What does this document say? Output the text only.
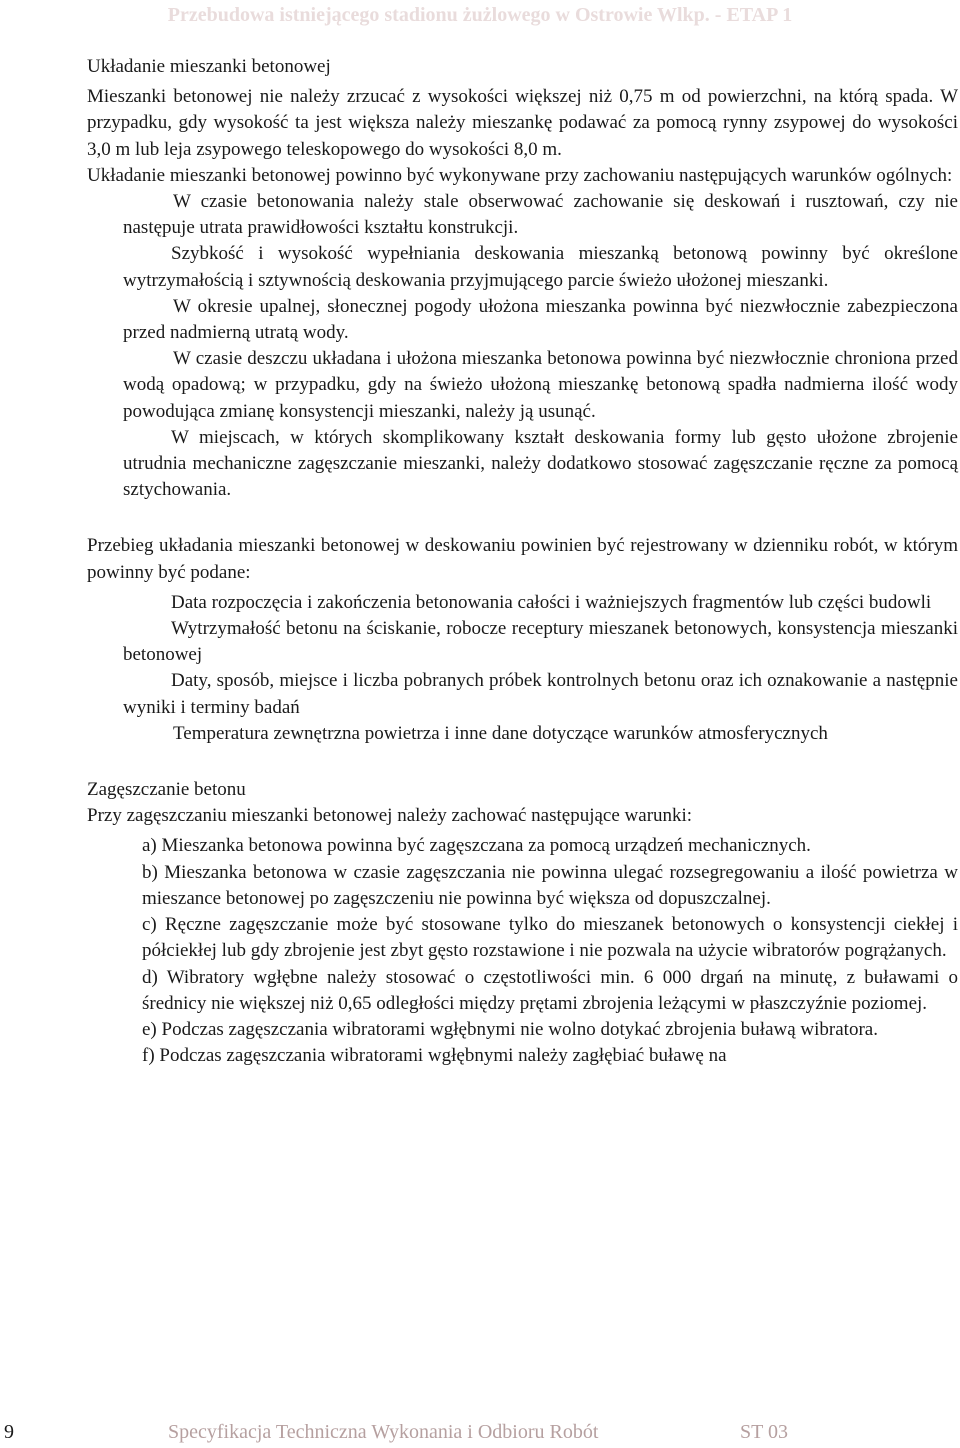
Przebudowa istniejącego stadionu żużlowego w Ostrowie Wlkp. - ETAP 1

Układanie mieszanki betonowej

Mieszanki betonowej nie należy zrzucać z wysokości większej niż 0,75 m od powierzchni, na którą spada. W przypadku, gdy wysokość ta jest większa należy mieszankę podawać za pomocą rynny zsypowej do wysokości 3,0 m lub leja zsypowego teleskopowego do wysokości 8,0 m.

Układanie mieszanki betonowej powinno być wykonywane przy zachowaniu następujących warunków ogólnych:

W czasie betonowania należy stale obserwować zachowanie się deskowań i rusztowań, czy nie następuje utrata prawidłowości kształtu konstrukcji.

Szybkość i wysokość wypełniania deskowania mieszanką betonową powinny być określone wytrzymałością i sztywnością deskowania przyjmującego parcie świeżo ułożonej mieszanki.

W okresie upalnej, słonecznej pogody ułożona mieszanka powinna być niezwłocznie zabezpieczona przed nadmierną utratą wody.

W czasie deszczu układana i ułożona mieszanka betonowa powinna być niezwłocznie chroniona przed wodą opadową; w przypadku, gdy na świeżo ułożoną mieszankę betonową spadła nadmierna ilość wody powodująca zmianę konsystencji mieszanki, należy ją usunąć.

W miejscach, w których skomplikowany kształt deskowania formy lub gęsto ułożone zbrojenie utrudnia mechaniczne zagęszczanie mieszanki, należy dodatkowo stosować zagęszczanie ręczne za pomocą sztychowania.

Przebieg układania mieszanki betonowej w deskowaniu powinien być rejestrowany w dzienniku robót, w którym powinny być podane:

Data rozpoczęcia i zakończenia betonowania całości i ważniejszych fragmentów lub części budowli

Wytrzymałość betonu na ściskanie, robocze receptury mieszanek betonowych, konsystencja mieszanki betonowej

Daty, sposób, miejsce i liczba pobranych próbek kontrolnych betonu oraz ich oznakowanie a następnie wyniki i terminy badań

Temperatura zewnętrzna powietrza i inne dane dotyczące warunków atmosferycznych

Zagęszczanie betonu

Przy zagęszczaniu mieszanki betonowej należy zachować następujące warunki:

a) Mieszanka betonowa powinna być zagęszczana za pomocą urządzeń mechanicznych.

b) Mieszanka betonowa w czasie zagęszczania nie powinna ulegać rozsegregowaniu a ilość powietrza w mieszance betonowej po zagęszczeniu nie powinna być większa od dopuszczalnej.

c) Ręczne zagęszczanie może być stosowane tylko do mieszanek betonowych o konsystencji ciekłej i półciekłej lub gdy zbrojenie jest zbyt gęsto rozstawione i nie pozwala na użycie wibratorów pogrążanych.

d) Wibratory wgłębne należy stosować o częstotliwości min. 6 000 drgań na minutę, z buławami o średnicy nie większej niż 0,65 odległości między prętami zbrojenia leżącymi w płaszczyźnie poziomej.

e) Podczas zagęszczania wibratorami wgłębnymi nie wolno dotykać zbrojenia buławą wibratora.

f) Podczas zagęszczania wibratorami wgłębnymi należy zagłębiać buławę na

9	Specyfikacja Techniczna Wykonania i Odbioru Robót	ST 03
